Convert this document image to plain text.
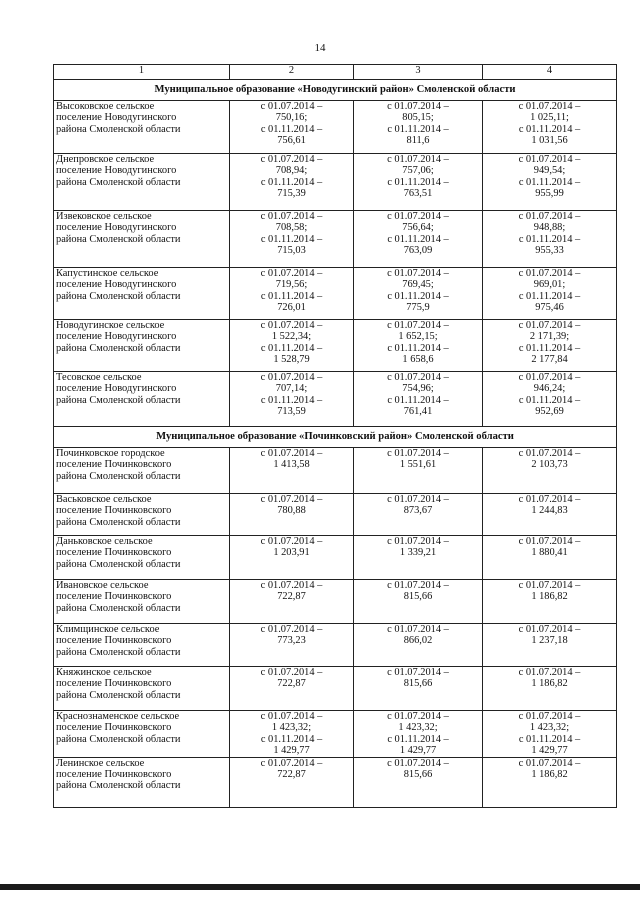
14
1	2	3	4
Муниципальное образование «Новодугинский район» Смоленской области			

Высоковское сельское
поселение Новодугинского
района Смоленской области	с 01.07.2014 –
750,16;
с 01.11.2014 –
756,61	с 01.07.2014 –
805,15;
с 01.11.2014 –
811,6	с 01.07.2014 –
1 025,11;
с 01.11.2014 –
1 031,56

Днепровское сельское
поселение Новодугинского
района Смоленской области	с 01.07.2014 –
708,94;
с 01.11.2014 –
715,39	с 01.07.2014 –
757,06;
с 01.11.2014 –
763,51	с 01.07.2014 –
949,54;
с 01.11.2014 –
955,99

Извековское сельское
поселение Новодугинского
района Смоленской области	с 01.07.2014 –
708,58;
с 01.11.2014 –
715,03	с 01.07.2014 –
756,64;
с 01.11.2014 –
763,09	с 01.07.2014 –
948,88;
с 01.11.2014 –
955,33

Капустинское сельское
поселение Новодугинского
района Смоленской области	с 01.07.2014 –
719,56;
с 01.11.2014 –
726,01	с 01.07.2014 –
769,45;
с 01.11.2014 –
775,9	с 01.07.2014 –
969,01;
с 01.11.2014 –
975,46

Новодугинское сельское
поселение Новодугинского
района Смоленской области	с 01.07.2014 –
1 522,34;
с 01.11.2014 –
1 528,79	с 01.07.2014 –
1 652,15;
с 01.11.2014 –
1 658,6	с 01.07.2014 –
2 171,39;
с 01.11.2014 –
2 177,84

Тесовское сельское
поселение Новодугинского
района Смоленской области	с 01.07.2014 –
707,14;
с 01.11.2014 –
713,59	с 01.07.2014 –
754,96;
с 01.11.2014 –
761,41	с 01.07.2014 –
946,24;
с 01.11.2014 –
952,69

Муниципальное образование «Починковский район» Смоленской области			

Починковское городское
поселение Починковского
района Смоленской области	с 01.07.2014 –
1 413,58	с 01.07.2014 –
1 551,61	с 01.07.2014 –
2 103,73

Васьковское сельское
поселение Починковского
района Смоленской области	с 01.07.2014 –
780,88	с 01.07.2014 –
873,67	с 01.07.2014 –
1 244,83

Даньковское сельское
поселение Починковского
района Смоленской области	с 01.07.2014 –
1 203,91	с 01.07.2014 –
1 339,21	с 01.07.2014 –
1 880,41

Ивановское сельское
поселение Починковского
района Смоленской области	с 01.07.2014 –
722,87	с 01.07.2014 –
815,66	с 01.07.2014 –
1 186,82

Климщинское сельское
поселение Починковского
района Смоленской области	с 01.07.2014 –
773,23	с 01.07.2014 –
866,02	с 01.07.2014 –
1 237,18

Княжинское сельское
поселение Починковского
района Смоленской области	с 01.07.2014 –
722,87	с 01.07.2014 –
815,66	с 01.07.2014 –
1 186,82

Краснознаменское сельское
поселение Починковского
района Смоленской области	с 01.07.2014 –
1 423,32;
с 01.11.2014 –
1 429,77	с 01.07.2014 –
1 423,32;
с 01.11.2014 –
1 429,77	с 01.07.2014 –
1 423,32;
с 01.11.2014 –
1 429,77

Ленинское сельское
поселение Починковского
района Смоленской области	с 01.07.2014 –
722,87	с 01.07.2014 –
815,66	с 01.07.2014 –
1 186,82
